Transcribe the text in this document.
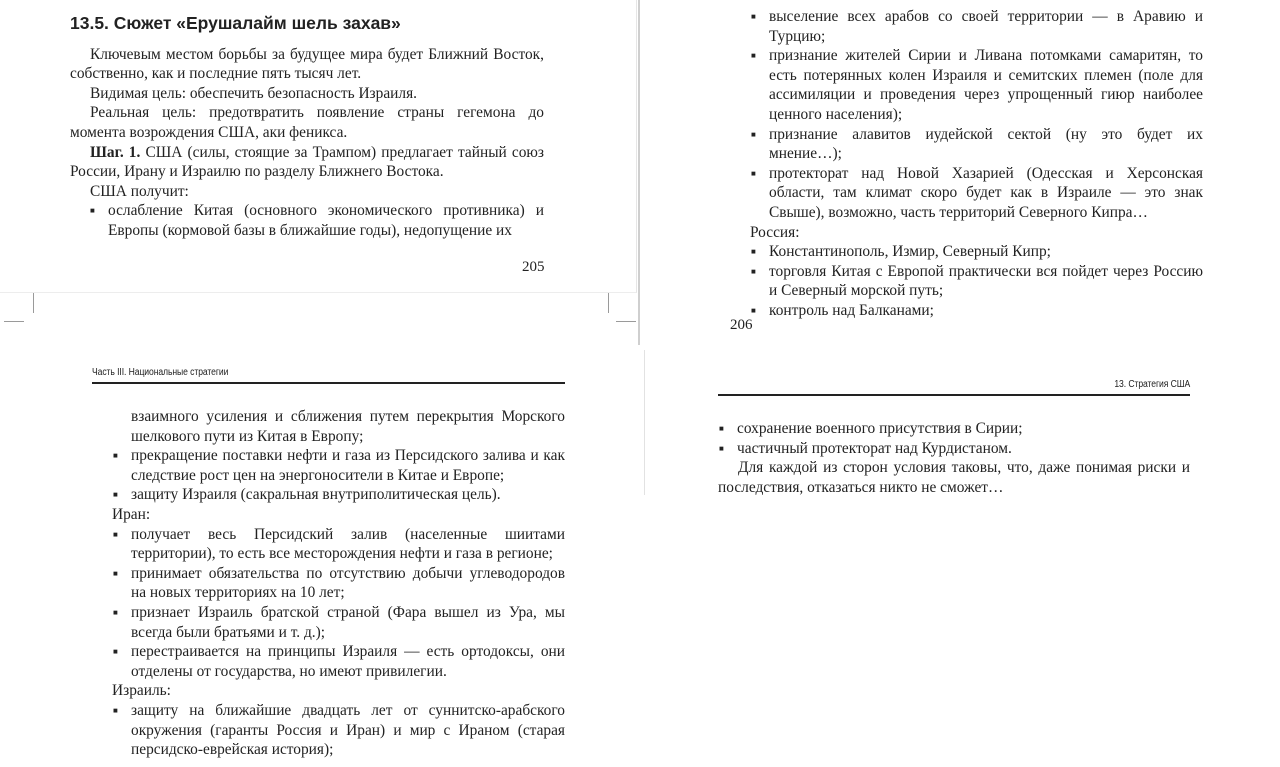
13.5. Сюжет «Ерушалайм шель захав»

Ключевым местом борьбы за будущее мира будет Ближний Восток, собственно, как и последние пять тысяч лет.

Видимая цель: обеспечить безопасность Израиля.

Реальная цель: предотвратить появление страны гегемона до момента возрождения США, аки феникса.

Шаг. 1. США (силы, стоящие за Трампом) предлагает тайный союз России, Ирану и Израилю по разделу Ближнего Востока.

США получит:

■ ослабление Китая (основного экономического противника) и Европы (кормовой базы в ближайшие годы), недопущение их
205
■ выселение всех арабов со своей территории — в Аравию и Турцию;
■ признание жителей Сирии и Ливана потомками самаритян, то есть потерянных колен Израиля и семитских племен (поле для ассимиляции и проведения через упрощенный гиюр наиболее ценного населения);
■ признание алавитов иудейской сектой (ну это будет их мнение…);
■ протекторат над Новой Хазарией (Одесская и Херсонская области, там климат скоро будет как в Израиле — это знак Свыше), возможно, часть территорий Северного Кипра…

Россия:

■ Константинополь, Измир, Северный Кипр;
■ торговля Китая с Европой практически вся пойдет через Россию и Северный морской путь;
■ контроль над Балканами;
206
Часть III. Национальные стратегии
взаимного усиления и сближения путем перекрытия Морского шелкового пути из Китая в Европу;
■ прекращение поставки нефти и газа из Персидского залива и как следствие рост цен на энергоносители в Китае и Европе;
■ защиту Израиля (сакральная внутриполитическая цель).

Иран:

■ получает весь Персидский залив (населенные шиитами территории), то есть все месторождения нефти и газа в регионе;
■ принимает обязательства по отсутствию добычи углеводородов на новых территориях на 10 лет;
■ признает Израиль братской страной (Фара вышел из Ура, мы всегда были братьями и т. д.);
■ перестраивается на принципы Израиля — есть ортодоксы, они отделены от государства, но имеют привилегии.

Израиль:

■ защиту на ближайшие двадцать лет от суннитско-арабского окружения (гаранты Россия и Иран) и мир с Ираном (старая персидско-еврейская история);
13. Стратегия США
■ сохранение военного присутствия в Сирии;
■ частичный протекторат над Курдистаном.

Для каждой из сторон условия таковы, что, даже понимая риски и последствия, отказаться никто не сможет…
